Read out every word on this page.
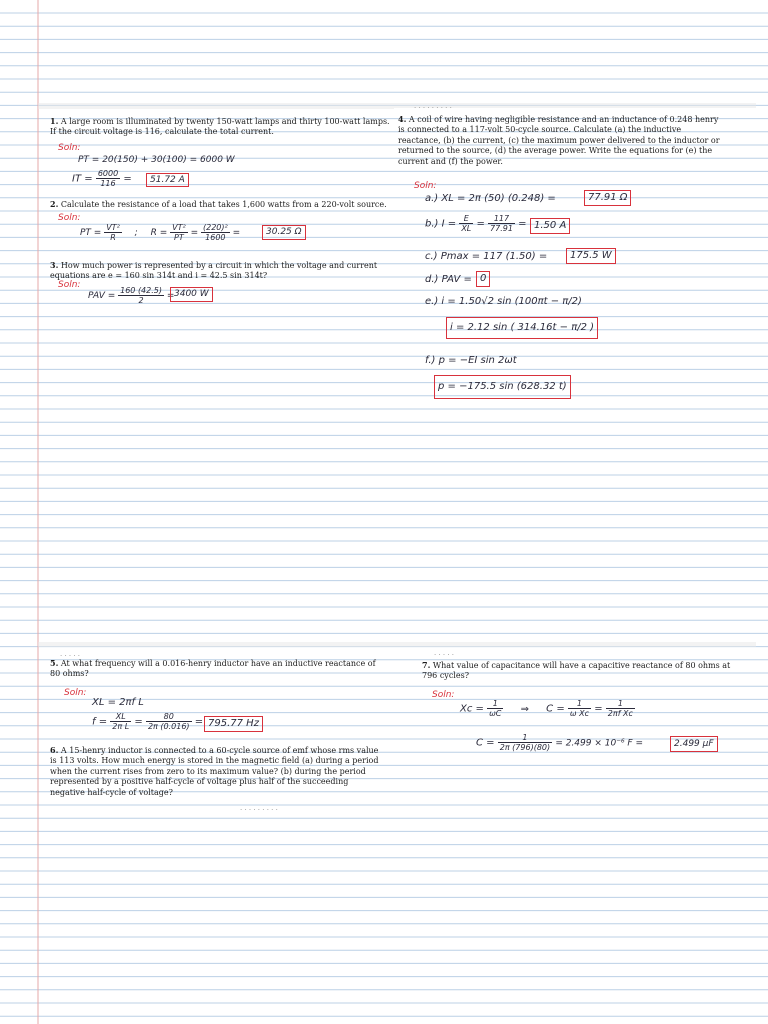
1. A large room is illuminated by twenty 150-watt lamps and thirty 100-watt lamps. If the circuit voltage is 116, calculate the total current.
Soln:
PT = 20(150) + 30(100) = 6000 W
IT = $\frac{6000}{116}$ =	51.72 A
2. Calculate the resistance of a load that takes 1,600 watts from a 220-volt source.
Soln:
PT = $\frac{\text{VT²}}{R}$ ; $R = \frac{\text{VT²}}{PT} = \frac{\text{(220)²}}{1600}$ =	30.25 Ω
3. How much power is represented by a circuit in which the voltage and current equations are e = 160 sin 314t and i = 42.5 sin 314t?
Soln:
PAV = $\frac{160 (42.5)}{2} = 3400$ W
· · · · · · · · ·
4. A coil of wire having negligible resistance and an inductance of 0.248 henry is connected to a 117-volt 50-cycle source. Calculate (a) the inductive reactance, (b) the current, (c) the maximum power delivered to the inductor or returned to the source, (d) the average power. Write the equations for (e) the current and (f) the power.
Soln:
a.) XL = 2π (50) (0.248) =	77.91 Ω
b.) $I = \frac{E}{XL} = \frac{117}{77.91} = 1.50$ A
c.) Pmax = 117 (1.50) =	175.5 W
d.) PAV = 0
e.) i = 1.50√2 sin (100πt − π/2)
i = 2.12 sin ( 314.16t − π/2 )
f.) p = −EI sin 2ωt
p = −175.5 sin (628.32 t)
· · · · ·
5. At what frequency will a 0.016-henry inductor have an inductive reactance of 80 ohms?
Soln:
XL = 2πf L
$f = \frac{XL}{\text{2π L}} = \frac{80}{2\pi (0.016)} = 795.77$ Hz
6. A 15-henry inductor is connected to a 60-cycle source of emf whose rms value is 113 volts. How much energy is stored in the magnetic field (a) during a period when the current rises from zero to its maximum value? (b) during the period represented by a positive half-cycle of voltage plus half of the succeeding negative half-cycle of voltage?
· · · · · · · · ·
· · · · ·
7. What value of capacitance will have a capacitive reactance of 80 ohms at 796 cycles?
Soln:
$Xc = \frac{1}{\omega C}$ ⇒ $C = \frac{1}{\text{ω Xc}} = \frac{1}{\text{2πf Xc}}$
$C = \frac{1}{2\pi (796)(80)} = 2.499 \times 10^{-6}$ F =	2.499 μF
